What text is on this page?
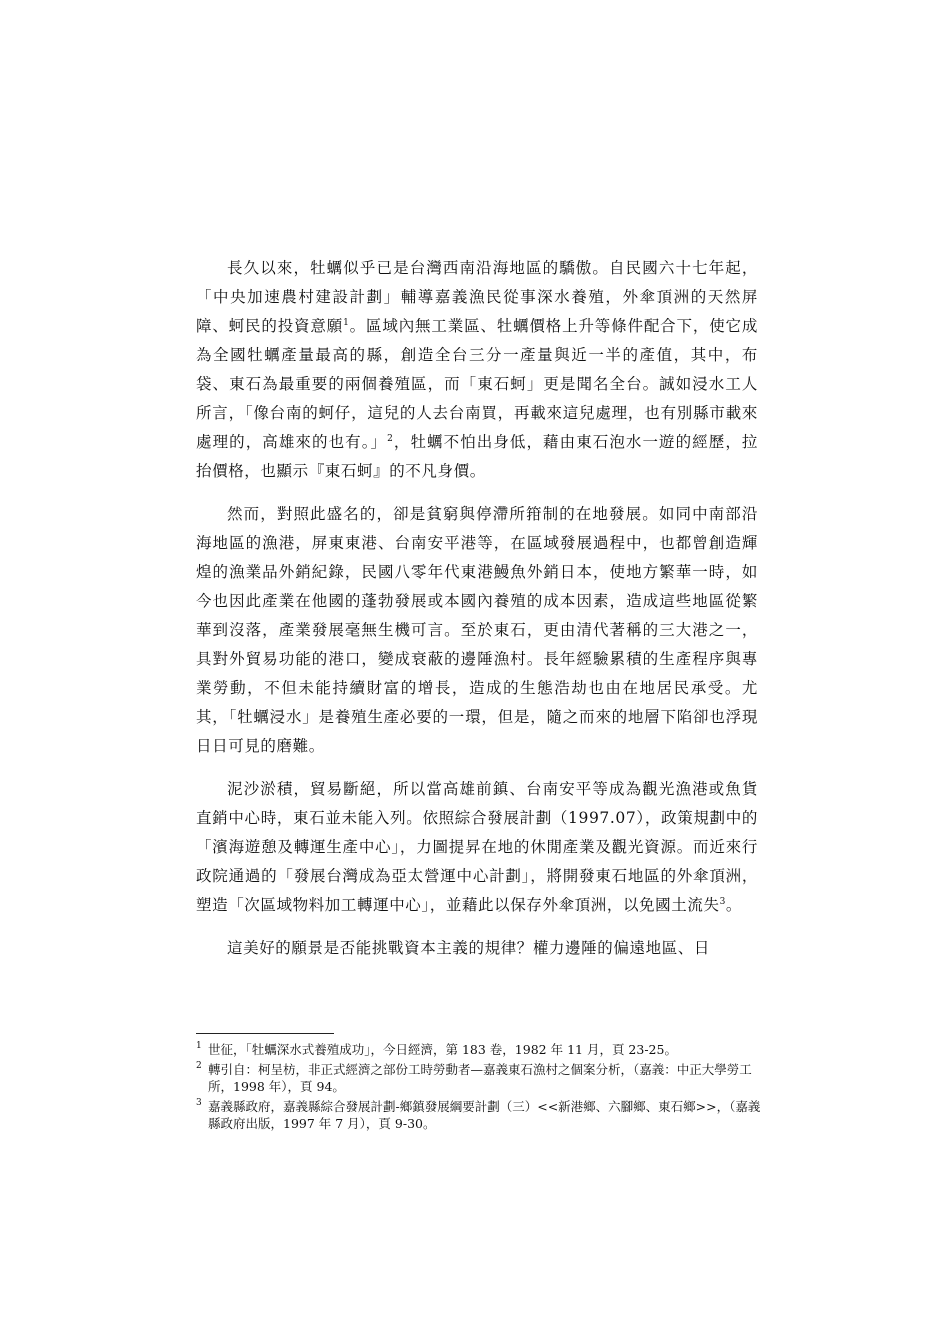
長久以來，牡蠣似乎已是台灣西南沿海地區的驕傲。自民國六十七年起，「中央加速農村建設計劃」輔導嘉義漁民從事深水養殖，外傘頂洲的天然屏障、蚵民的投資意願$^1$。區域內無工業區、牡蠣價格上升等條件配合下，使它成為全國牡蠣產量最高的縣，創造全台三分一產量與近一半的產值，其中，布袋、東石為最重要的兩個養殖區，而「東石蚵」更是聞名全台。誠如浸水工人所言，「像台南的蚵仔，這兒的人去台南買，再載來這兒處理，也有別縣市載來處理的，高雄來的也有。」$^2$，牡蠣不怕出身低，藉由東石泡水一遊的經歷，拉抬價格，也顯示『東石蚵』的不凡身價。

然而，對照此盛名的，卻是貧窮與停滯所箝制的在地發展。如同中南部沿海地區的漁港，屏東東港、台南安平港等，在區域發展過程中，也都曾創造輝煌的漁業品外銷紀錄，民國八零年代東港鰻魚外銷日本，使地方繁華一時，如今也因此產業在他國的蓬勃發展或本國內養殖的成本因素，造成這些地區從繁華到沒落，產業發展毫無生機可言。至於東石，更由清代著稱的三大港之一，具對外貿易功能的港口，變成衰蔽的邊陲漁村。長年經驗累積的生產程序與專業勞動，不但未能持續財富的增長，造成的生態浩劫也由在地居民承受。尤其，「牡蠣浸水」是養殖生產必要的一環，但是，隨之而來的地層下陷卻也浮現日日可見的磨難。

泥沙淤積，貿易斷絕，所以當高雄前鎮、台南安平等成為觀光漁港或魚貨直銷中心時，東石並未能入列。依照綜合發展計劃（1997.07），政策規劃中的「濱海遊憩及轉運生產中心」，力圖提昇在地的休閒產業及觀光資源。而近來行政院通過的「發展台灣成為亞太營運中心計劃」，將開發東石地區的外傘頂洲，塑造「次區域物料加工轉運中心」，並藉此以保存外傘頂洲，以免國土流失$^3$。

這美好的願景是否能挑戰資本主義的規律？權力邊陲的偏遠地區、日

1 世征，「牡蠣深水式養殖成功」，今日經濟，第 183 卷，1982 年 11 月，頁 23-25。
2 轉引自：柯呈枋，非正式經濟之部份工時勞動者—嘉義東石漁村之個案分析，（嘉義：中正大學勞工所，1998 年），頁 94。
3 嘉義縣政府，嘉義縣綜合發展計劃-鄉鎮發展綱要計劃（三）<<新港鄉、六腳鄉、東石鄉>>，（嘉義縣政府出版，1997 年 7 月），頁 9-30。
